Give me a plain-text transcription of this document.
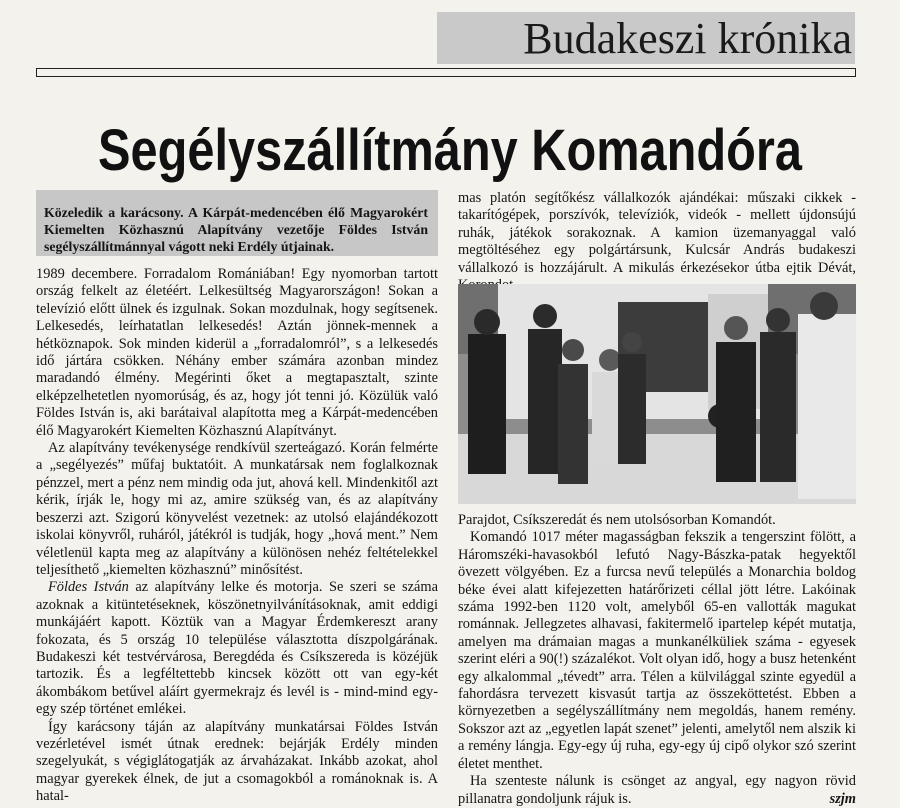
Budakeszi krónika
Segélyszállítmány Komandóra
Közeledik a karácsony. A Kárpát-medencében élő Magyarokért Kiemelten Közhasznú Alapítvány vezetője Földes István segélyszállítmánnyal vágott neki Erdély útjainak.

1989 decembere. Forradalom Romániában! Egy nyomorban tartott ország felkelt az életéért. Lelkesültség Magyarországon! Sokan a televízió előtt ülnek és izgulnak. Sokan mozdulnak, hogy segítsenek. Lelkesedés, leírhatatlan lelkesedés! Aztán jönnek-mennek a hétköznapok. Sok minden kiderül a „forradalomról”, s a lelkesedés idő jártára csökken. Néhány ember számára azonban mindez maradandó élmény. Megérinti őket a megtapasztalt, szinte elképzelhetetlen nyomorúság, és az, hogy jót tenni jó. Közülük való Földes István is, aki barátaival alapította meg a Kárpát-medencében élő Magyarokért Kiemelten Közhasznú Alapítványt.

Az alapítvány tevékenysége rendkívül szerteágazó. Korán felmérte a „segélyezés” műfaj buktatóit. A munkatársak nem foglalkoznak pénzzel, mert a pénz nem mindig oda jut, ahová kell. Mindenkitől azt kérik, írják le, hogy mi az, amire szükség van, és az alapítvány beszerzi azt. Szigorú könyvelést vezetnek: az utolsó elajándékozott iskolai könyvről, ruháról, játékról is tudják, hogy „hová ment.” Nem véletlenül kapta meg az alapítvány a különösen nehéz feltételekkel teljesíthető „kiemelten közhasznú” minősítést.

Földes István az alapítvány lelke és motorja. Se szeri se száma azoknak a kitüntetéseknek, köszönetnyilvánításoknak, amit eddigi munkájáért kapott. Köztük van a Magyar Érdemkereszt arany fokozata, és 5 ország 10 települése választotta díszpolgárának. Budakeszi két testvérvárosa, Beregdéda és Csíkszereda is közéjük tartozik. És a legféltettebb kincsek között ott van egy-két ákombákom betűvel aláírt gyermekrajz és levél is - mind-mind egy-egy szép történet emlékei.

Így karácsony táján az alapítvány munkatársai Földes István vezérletével ismét útnak erednek: bejárják Erdély minden szegelyukát, s végiglátogatják az árvaházakat. Inkább azokat, ahol magyar gyerekek élnek, de jut a csomagokból a románoknak is. A hatal-

mas platón segítőkész vállalkozók ajándékai: műszaki cikkek - takarítógépek, porszívók, televíziók, videók - mellett újdonsújú ruhák, játékok sorakoznak. A kamion üzemanyaggal való megtöltéséhez egy polgártársunk, Kulcsár András budakeszi vállalkozó is hozzájárult. A mikulás érkezésekor útba ejtik Dévát,

Parajdot, Csíkszeredát és nem utolsósorban Komandót.

Komandó 1017 méter magasságban fekszik a tengerszint fölött, a Háromszéki-havasokból lefutó Nagy-Bászka-patak hegyektől övezett völgyében. Ez a furcsa nevű település a Monarchia boldog béke évei alatt kifejezetten határőrizeti céllal jött létre. Lakóinak száma 1992-ben 1120 volt, amelyből 65-en vallották magukat románnak. Jellegzetes alhavasi, fakitermelő ipartelep képét mutatja, amelyen ma drámaian magas a munkanélküliek száma - egyesek szerint eléri a 90(!) százalékot. Volt olyan idő, hogy a busz hetenként egy alkalommal „tévedt” arra. Télen a külvilággal szinte egyedül a fahordásra tervezett kisvasút tartja az összeköttetést. Ebben a környezetben a segélyszállítmány nem megoldás, hanem remény. Sokszor azt az „egyetlen lapát szenet” jelenti, amelytől nem alszik ki a remény lángja. Egy-egy új ruha, egy-egy új cipő olykor szó szerint életet menthet.

Ha szenteste nálunk is csönget az angyal, egy nagyon rövid pillanatra gondoljunk rájuk is.	szjm
